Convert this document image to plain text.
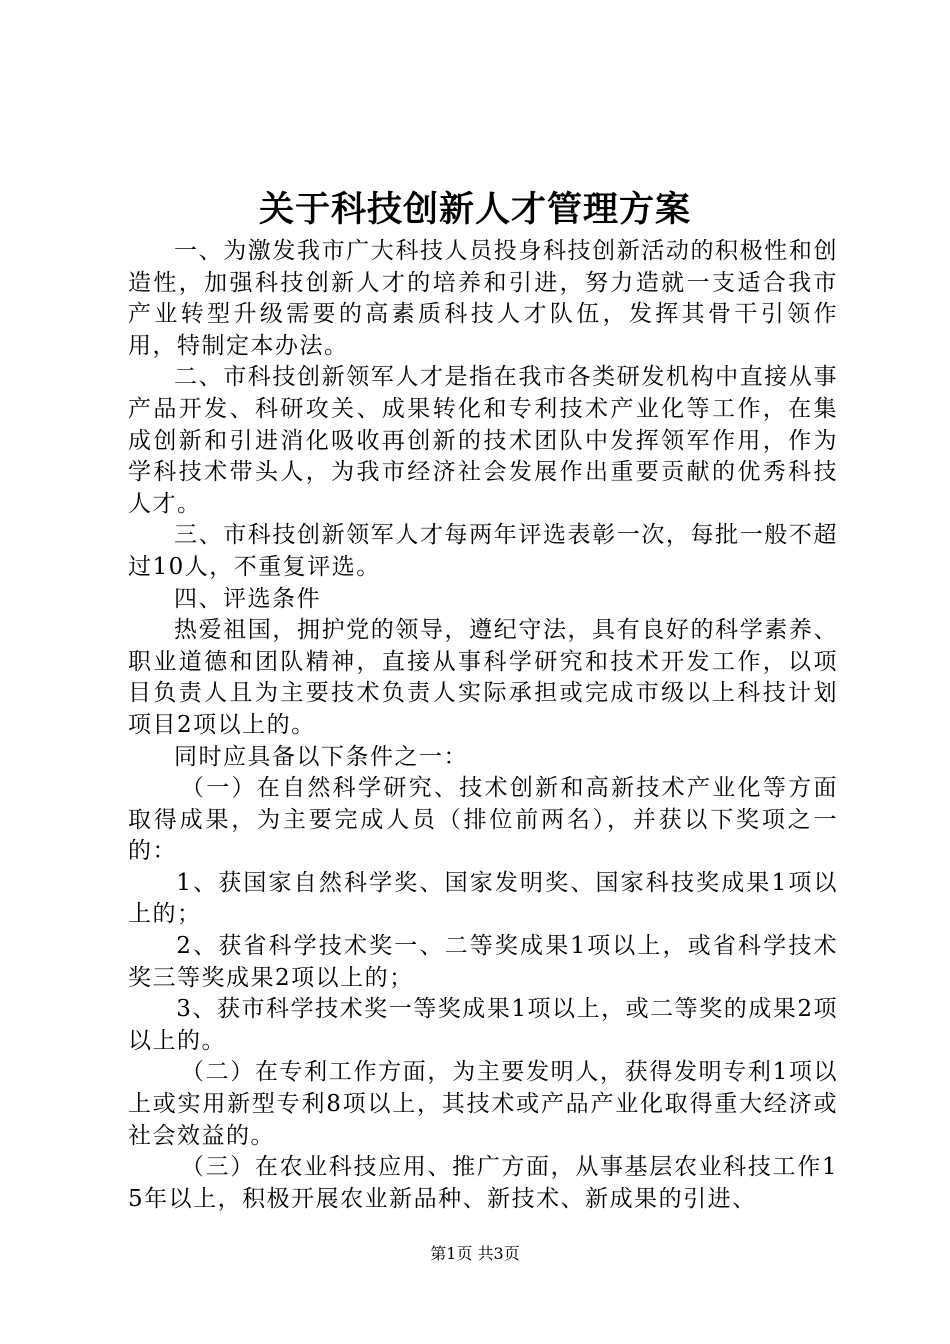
关于科技创新人才管理方案

一、为激发我市广大科技人员投身科技创新活动的积极性和创造性，加强科技创新人才的培养和引进，努力造就一支适合我市产业转型升级需要的高素质科技人才队伍，发挥其骨干引领作用，特制定本办法。

二、市科技创新领军人才是指在我市各类研发机构中直接从事产品开发、科研攻关、成果转化和专利技术产业化等工作，在集成创新和引进消化吸收再创新的技术团队中发挥领军作用，作为学科技术带头人，为我市经济社会发展作出重要贡献的优秀科技人才。

三、市科技创新领军人才每两年评选表彰一次，每批一般不超过10人，不重复评选。

四、评选条件

热爱祖国，拥护党的领导，遵纪守法，具有良好的科学素养、职业道德和团队精神，直接从事科学研究和技术开发工作，以项目负责人且为主要技术负责人实际承担或完成市级以上科技计划项目2项以上的。

同时应具备以下条件之一：

（一）在自然科学研究、技术创新和高新技术产业化等方面取得成果，为主要完成人员（排位前两名），并获以下奖项之一的：

1、获国家自然科学奖、国家发明奖、国家科技奖成果1项以上的；

2、获省科学技术奖一、二等奖成果1项以上，或省科学技术奖三等奖成果2项以上的；

3、获市科学技术奖一等奖成果1项以上，或二等奖的成果2项以上的。

（二）在专利工作方面，为主要发明人，获得发明专利1项以上或实用新型专利8项以上，其技术或产品产业化取得重大经济或社会效益的。

（三）在农业科技应用、推广方面，从事基层农业科技工作15年以上，积极开展农业新品种、新技术、新成果的引进、

第1页 共3页
